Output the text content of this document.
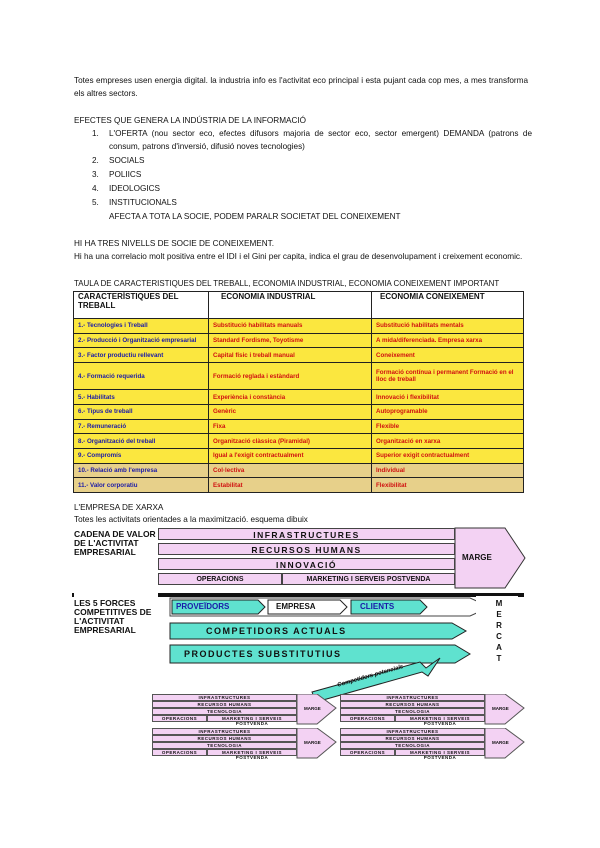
Totes empreses usen energia digital. la industria info es l'activitat eco principal i esta pujant cada cop mes, a mes transforma els altres sectors.
EFECTES QUE GENERA LA INDÚSTRIA DE LA INFORMACIÓ
1. L'OFERTA (nou sector eco, efectes difusors majoria de sector eco, sector emergent) DEMANDA (patrons de consum, patrons d'inversió, difusió noves tecnologies)
2. SOCIALS
3. POLIICS
4. IDEOLOGICS
5. INSTITUCIONALS
AFECTA A TOTA LA SOCIE, PODEM PARALR SOCIETAT DEL CONEIXEMENT
HI HA TRES NIVELLS DE SOCIE DE CONEIXEMENT.
Hi ha una correlacio molt positiva entre el IDI i el Gini per capita, indica el grau de desenvolupament i creixement economic.
TAULA DE CARACTERISTIQUES DEL TREBALL, ECONOMIA INDUSTRIAL, ECONOMIA CONEIXEMENT IMPORTANT
CARACTERÍSTIQUES DEL TREBALL	ECONOMIA INDUSTRIAL	ECONOMIA CONEIXEMENT
1.- Tecnologies i Treball	Substitució habilitats manuals	Substitució habilitats mentals

2.- Producció i Organització empresarial	Standard Fordisme, Toyotisme	A mida/diferenciada. Empresa xarxa

3.- Factor productiu rellevant	Capital físic i treball manual	Coneixement
4.- Formació requerida	Formació reglada i estàndard	Formació contínua i permanent Formació en el lloc de treball

5.- Habilitats	Experiència i constància	Innovació i flexibilitat
6.- Tipus de treball	Genèric	Autoprogramable
7.- Remuneració	Fixa	Flexible
8.- Organització del treball	Organització clàssica (Piramidal)	Organització en xarxa
9.- Compromís	Igual a l'exigit contractualment	Superior exigit contractualment
10.- Relació amb l'empresa	Col·lectiva	Individual
11.- Valor corporatiu	Estabilitat	Flexibilitat
L'EMPRESA DE XARXA
Totes les activitats orientades a la maximització. esquema dibuix
CADENA DE VALOR DE L'ACTIVITAT EMPRESARIAL
INFRASTRUCTURES
RECURSOS HUMANS
INNOVACIÓ
OPERACIONS	MARKETING I SERVEIS POSTVENDA
MARGE
LES 5 FORCES COMPETITIVES DE L'ACTIVITAT EMPRESARIAL
PROVEÏDORS	EMPRESA	CLIENTS	M
E
R
C
A
T
COMPETIDORS ACTUALS
PRODUCTES SUBSTITUTIUS
Competidors potencials
INFRASTRUCTURES
RECURSOS HUMANS
TECNOLOGIA
OPERACIONS	MARKETING I SERVEIS POSTVENDA
MARGE
INFRASTRUCTURES
RECURSOS HUMANS
TECNOLOGIA
OPERACIONS	MARKETING I SERVEIS POSTVENDA
MARGE
INFRASTRUCTURES
RECURSOS HUMANS
TECNOLOGIA
OPERACIONS	MARKETING I SERVEIS POSTVENDA
MARGE
INFRASTRUCTURES
RECURSOS HUMANS
TECNOLOGIA
OPERACIONS	MARKETING I SERVEIS POSTVENDA
MARGE
